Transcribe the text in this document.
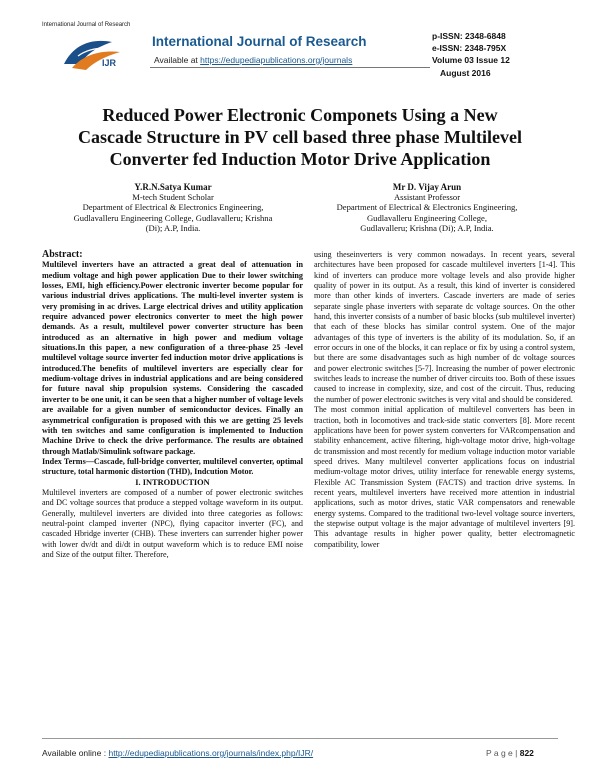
International Journal of Research
IJR
International Journal of Research
Available at https://edupediapublications.org/journals
p-ISSN: 2348-6848
e-ISSN: 2348-795X
Volume 03 Issue 12
August 2016
Reduced Power Electronic Componets Using a New
Cascade Structure in PV cell based three phase Multilevel
Converter fed Induction Motor Drive Application
Y.R.N.Satya Kumar
M-tech Student Scholar
Department of Electrical & Electronics Engineering,
Gudlavalleru Engineering College, Gudlavalleru; Krishna
(Di); A.P, India.
Mr D. Vijay Arun
Assistant Professor
Department of Electrical & Electronics Engineering,
Gudlavalleru Engineering College,
Gudlavalleru; Krishna (Di); A.P, India.

Abstract:

Multilevel inverters have an attracted a great deal of attenuation in medium voltage and high power application Due to their lower switching losses, EMI, high efficiency.Power electronic inverter become popular for various industrial drives applications. The multi-level inverter system is very promising in ac drives. Large electrical drives and utility application require advanced power electronics converter to meet the high power demands. As a result, multilevel power converter structure has been introduced as an alternative in high power and medium voltage situations.In this paper, a new configuration of a three-phase 25 -level multilevel voltage source inverter fed induction motor drive applications is introduced.The benefits of multilevel inverters are especially clear for medium-voltage drives in industrial applications and are being considered for future naval ship propulsion systems. Considering the cascaded inverter to be one unit, it can be seen that a higher number of voltage levels are available for a given number of semiconductor devices. Finally an asymmetrical configuration is proposed with this we are getting 25 levels with ten switches and same configuration is implemented to Induction Machine Drive to check the drive performance. The results are obtained through Matlab/Simulink software package.

Index Terms—Cascade, full-bridge converter, multilevel converter, optimal structure, total harmonic distortion (THD), Indcution Motor.

I. INTRODUCTION

Multilevel inverters are composed of a number of power electronic switches and DC voltage sources that produce a stepped voltage waveform in its output. Generally, multilevel inverters are divided into three categories as follows: neutral-point clamped inverter (NPC), flying capacitor inverter (FC), and cascaded Hbridge inverter (CHB). These inverters can surrender higher power with lower dv/dt and di/dt in output waveform which is to reduce EMI noise and Size of the output filter. Therefore,

using theseinverters is very common nowadays. In recent years, several architectures have been proposed for cascade multilevel inverters [1-4]. This kind of inverters can produce more voltage levels and also provide higher quality of power in its output. As a result, this kind of inverter is considered more than other kinds of inverters. Cascade inverters are made of series separate single phase inverters with separate dc voltage sources. On the other hand, this inverter consists of a number of basic blocks (sub multilevel inverter) that each of these blocks has similar control system. One of the major advantages of this type of inverters is the ability of its modulation. So, if an error occurs in one of the blocks, it can replace or fix by using a control system, but there are some disadvantages such as high number of dc voltage sources and power electronic switches [5-7]. Increasing the number of power electronic switches leads to increase the number of driver circuits too. Both of these issues caused to increase in complexity, size, and cost of the circuit. Thus, reducing the number of power electronic switches is very vital and should be considered.

The most common initial application of multilevel converters has been in traction, both in locomotives and track-side static converters [8]. More recent applications have been for power system converters for VARcompensation and stability enhancement, active filtering, high-voltage motor drive, high-voltage dc transmission and most recently for medium voltage induction motor variable speed drives. Many multilevel converter applications focus on industrial medium-voltage motor drives, utility interface for renewable energy systems, Flexible AC Transmission System (FACTS) and traction drive systems. In recent years, multilevel inverters have received more attention in industrial applications, such as motor drives, static VAR compensators and renewable energy systems. Compared to the traditional two-level voltage source inverters, the stepwise output voltage is the major advantage of multilevel inverters [9]. This advantage results in higher power quality, better electromagnetic compatibility, lower

Available online : http://edupediapublications.org/journals/index.php/IJR/	P a g e | 822
